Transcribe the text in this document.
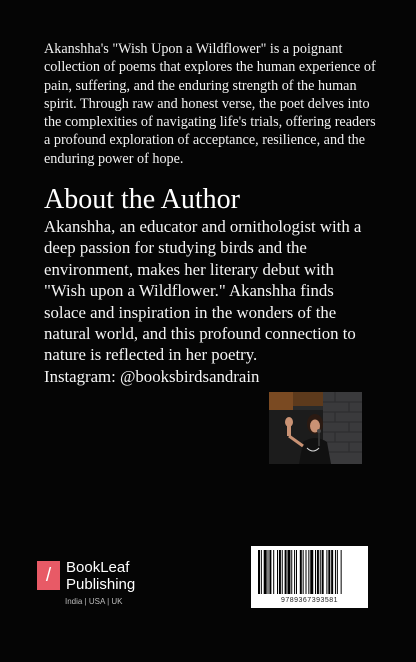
Akanshha's "Wish Upon a Wildflower" is a poignant collection of poems that explores the human experience of pain, suffering, and the enduring strength of the human spirit. Through raw and honest verse, the poet delves into the complexities of navigating life's trials, offering readers a profound exploration of acceptance, resilience, and the enduring power of hope.

About the Author
Akanshha, an educator and ornithologist with a deep passion for studying birds and the environment, makes her literary debut with "Wish upon a Wildflower." Akanshha finds solace and inspiration in the wonders of the natural world, and this profound connection to nature is reflected in her poetry.
Instagram: @booksbirdsandrain
/ BookLeaf
Publishing
India | USA | UK	9789367393581
